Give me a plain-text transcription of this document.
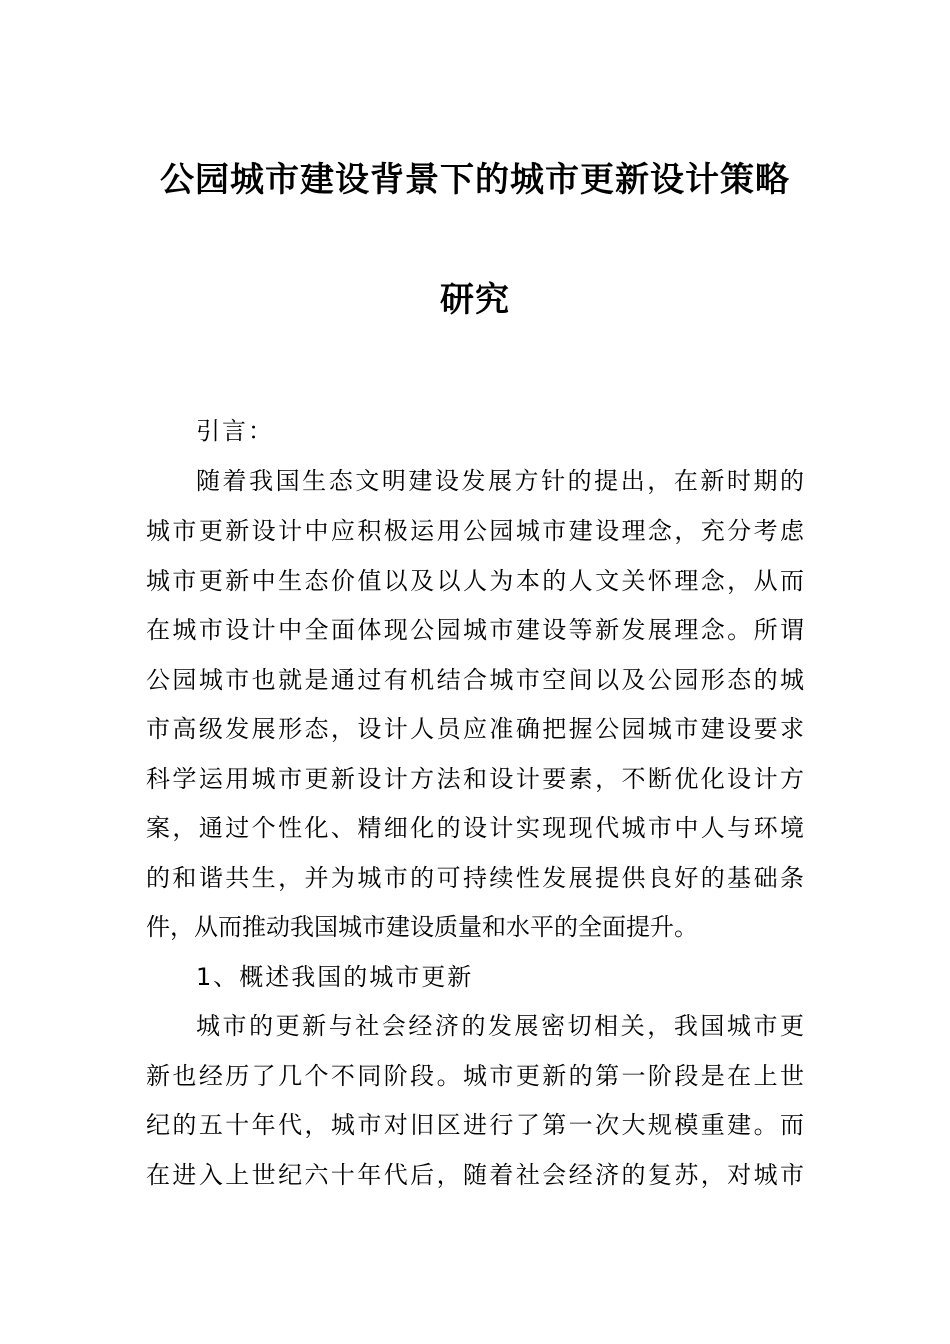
公园城市建设背景下的城市更新设计策略
研究
引言：
随着我国生态文明建设发展方针的提出，在新时期的
城市更新设计中应积极运用公园城市建设理念，充分考虑
城市更新中生态价值以及以人为本的人文关怀理念，从而
在城市设计中全面体现公园城市建设等新发展理念。所谓
公园城市也就是通过有机结合城市空间以及公园形态的城
市高级发展形态，设计人员应准确把握公园城市建设要求
科学运用城市更新设计方法和设计要素，不断优化设计方
案，通过个性化、精细化的设计实现现代城市中人与环境
的和谐共生，并为城市的可持续性发展提供良好的基础条
件，从而推动我国城市建设质量和水平的全面提升。
1、概述我国的城市更新
城市的更新与社会经济的发展密切相关，我国城市更
新也经历了几个不同阶段。城市更新的第一阶段是在上世
纪的五十年代，城市对旧区进行了第一次大规模重建。而
在进入上世纪六十年代后，随着社会经济的复苏，对城市
